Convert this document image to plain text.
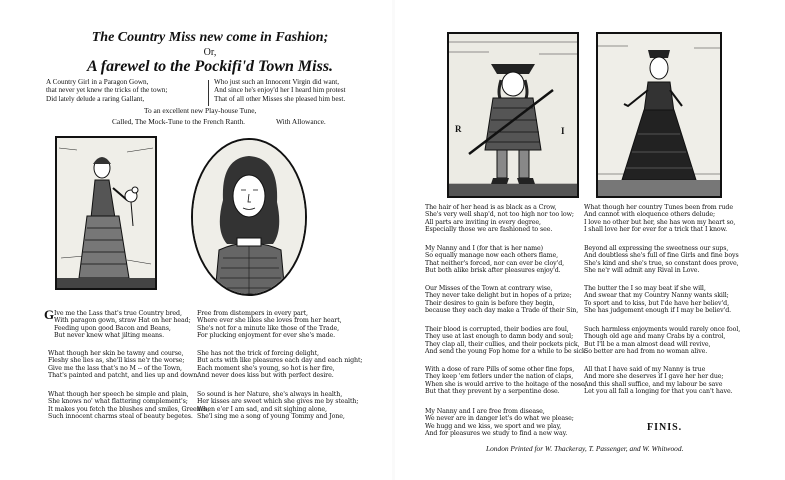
The Country Miss new come in Fashion;
Or,
A farewel to the Pockifi'd Town Miss.
A Country Girl in a Paragon Gown,
that never yet knew the tricks of the town;
Did lately delude a raring Gallant,
Who just such an Innocent Virgin did want,
And since he's enjoy'd her I heard him protest
That of all other Misses she pleased him best.
To an excellent new Play-house Tune,
Called, The Mock-Tune to the French Ranth.	With Allowance.
G Ive me the Lass that's true Country bred,
With paragon gown, straw Hat on her head;
Feeding upon good Bacon and Beans,
But never knew what jilting means.
What though her skin be tawny and course,
Fleshy she lies as, she'll kiss ne'r the worse;
Give me the lass that's no M -- of the Town,
That's painted and patcht, and lies up and down.
What though her speech be simple and plain,
She knows no' what flattering complement's;
It makes you fetch the blushes and smiles, Greenes;
Such innocent charms steal of beauty begetes.
Free from distempers in every part,
Where ever she likes she loves from her heart,
She's not for a minute like those of the Trade,
For plucking enjoyment for ever she's made.
She has not the trick of forcing delight,
But acts with like pleasures each day and each night;
Each moment she's young, so hot is her fire,
And never does kiss but with perfect desire.
So sound is her Nature, she's always in health,
Her kisses are sweet which she gives me by stealth;
When e'er I am sad, and sit sighing alone,
She'l sing me a song of young Tommy and Jone,
R	I
The hair of her head is as black as a Crow,
She's very well shap'd, not too high nor too low;
All parts are inviting in every degree,
Especially those we are fashioned to see.
My Nanny and I (for that is her name)
So equally manage now each others flame,
That neither's forced, nor can ever be cloy'd,
But both alike brisk after pleasures enjoy'd.
Our Misses of the Town at contrary wise,
They never take delight but in hopes of a prize;
Their desires to gain is before they begin,
because they each day make a Trade of their Sin,
Their blood is corrupted, their bodies are foul,
They use at last enough to damn body and soul;
They clap all, their cullies, and their pockets pick,
And send the young Fop home for a while to be sick.
With a dose of rare Pills of some other fine fops,
They keep 'em fetlers under the nation of claps,
When she is would arrive to the hoitage of the nose,
But that they prevent by a serpentine dose.
My Nanny and I are free from disease,
We never are in danger let's do what we please;
We hugg and we kiss, we sport and we play,
And for pleasures we study to find a new way.
What though her country Tunes been from rude
And cannot with eloquence others delude;
I love no other but her, she has won my heart so,
I shall love her for ever for a trick that I know.
Beyond all expressing the sweetness our sups,
And doubtless she's full of fine Girls and fine boys
She's kind and she's true, so constant does prove,
She ne'r will admit any Rival in Love.
The butter the I so may beat if she will,
And swear that my Country Nanny wants skill;
To sport and to kiss, but I'de have her believ'd,
She has judgement enough if I may be believ'd.
Such harmless enjoyments would rarely once fool,
Though old age and many Crabs by a control,
But I'll be a man almost dead will revive,
So better are had from no woman alive.
All that I have said of my Nanny is true
And more she deserves if I gave her her due;
And this shall suffice, and my labour be save
Let you all fall a longing for that you can't have.
FINIS.
London Printed for W. Thackeray, T. Passenger, and W. Whitwood.
